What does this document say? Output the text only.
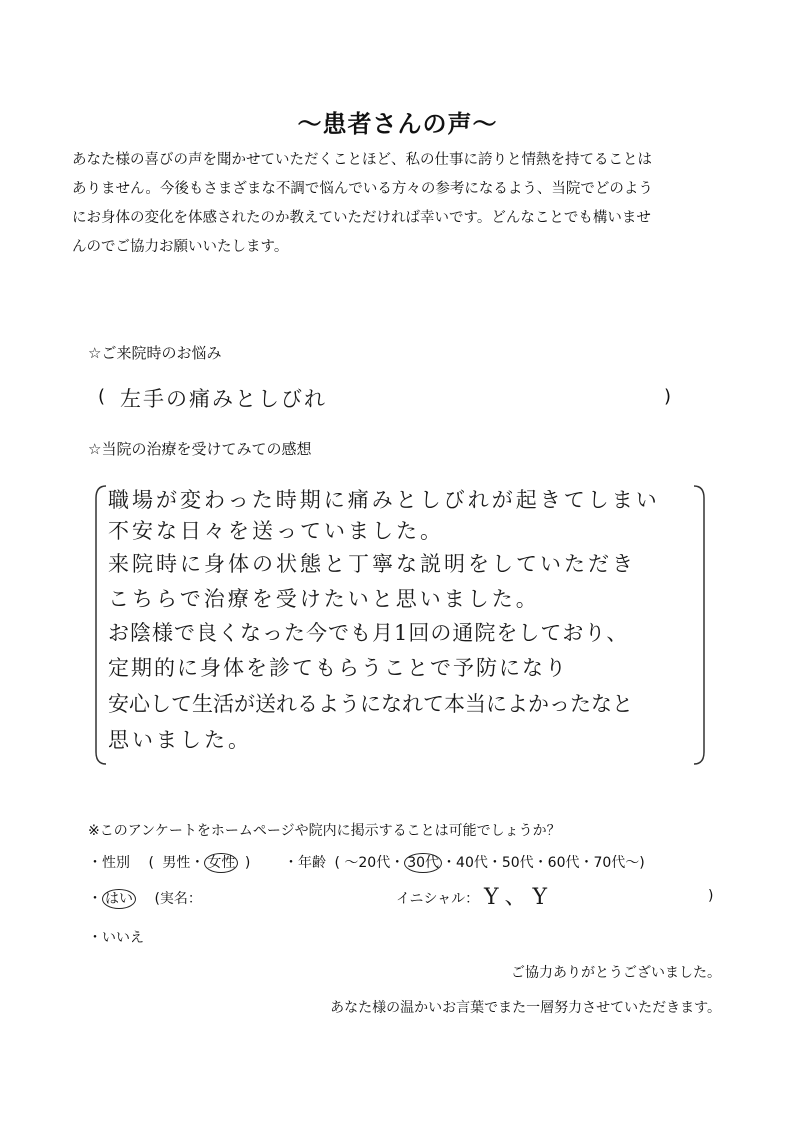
〜患者さんの声〜
あなた様の喜びの声を聞かせていただくことほど、私の仕事に誇りと情熱を持てることは
ありません。今後もさまざまな不調で悩んでいる方々の参考になるよう、当院でどのよう
にお身体の変化を体感されたのか教えていただければ幸いです。どんなことでも構いませ
んのでご協力お願いいたします。
☆ご来院時のお悩み
( 左手の痛みとしびれ	)
☆当院の治療を受けてみての感想
職場が変わった時期に痛みとしびれが起きてしまい
不安な日々を送っていました。
来院時に身体の状態と丁寧な説明をしていただき
こちらで治療を受けたいと思いました。
お陰様で良くなった今でも月1回の通院をしており、
定期的に身体を診てもらうことで予防になり
安心して生活が送れるようになれて本当によかったなと
思いました。
※このアンケートをホームページや院内に掲示することは可能でしょうか？
・性別 ( 男性・ 女性 ) ・年齢 ( 〜20代・ 30代 ・40代・50代・60代・70代〜)
・ はい (実名：	イニシャル： Y、Y	)
・いいえ
ご協力ありがとうございました。
あなた様の温かいお言葉でまた一層努力させていただきます。
